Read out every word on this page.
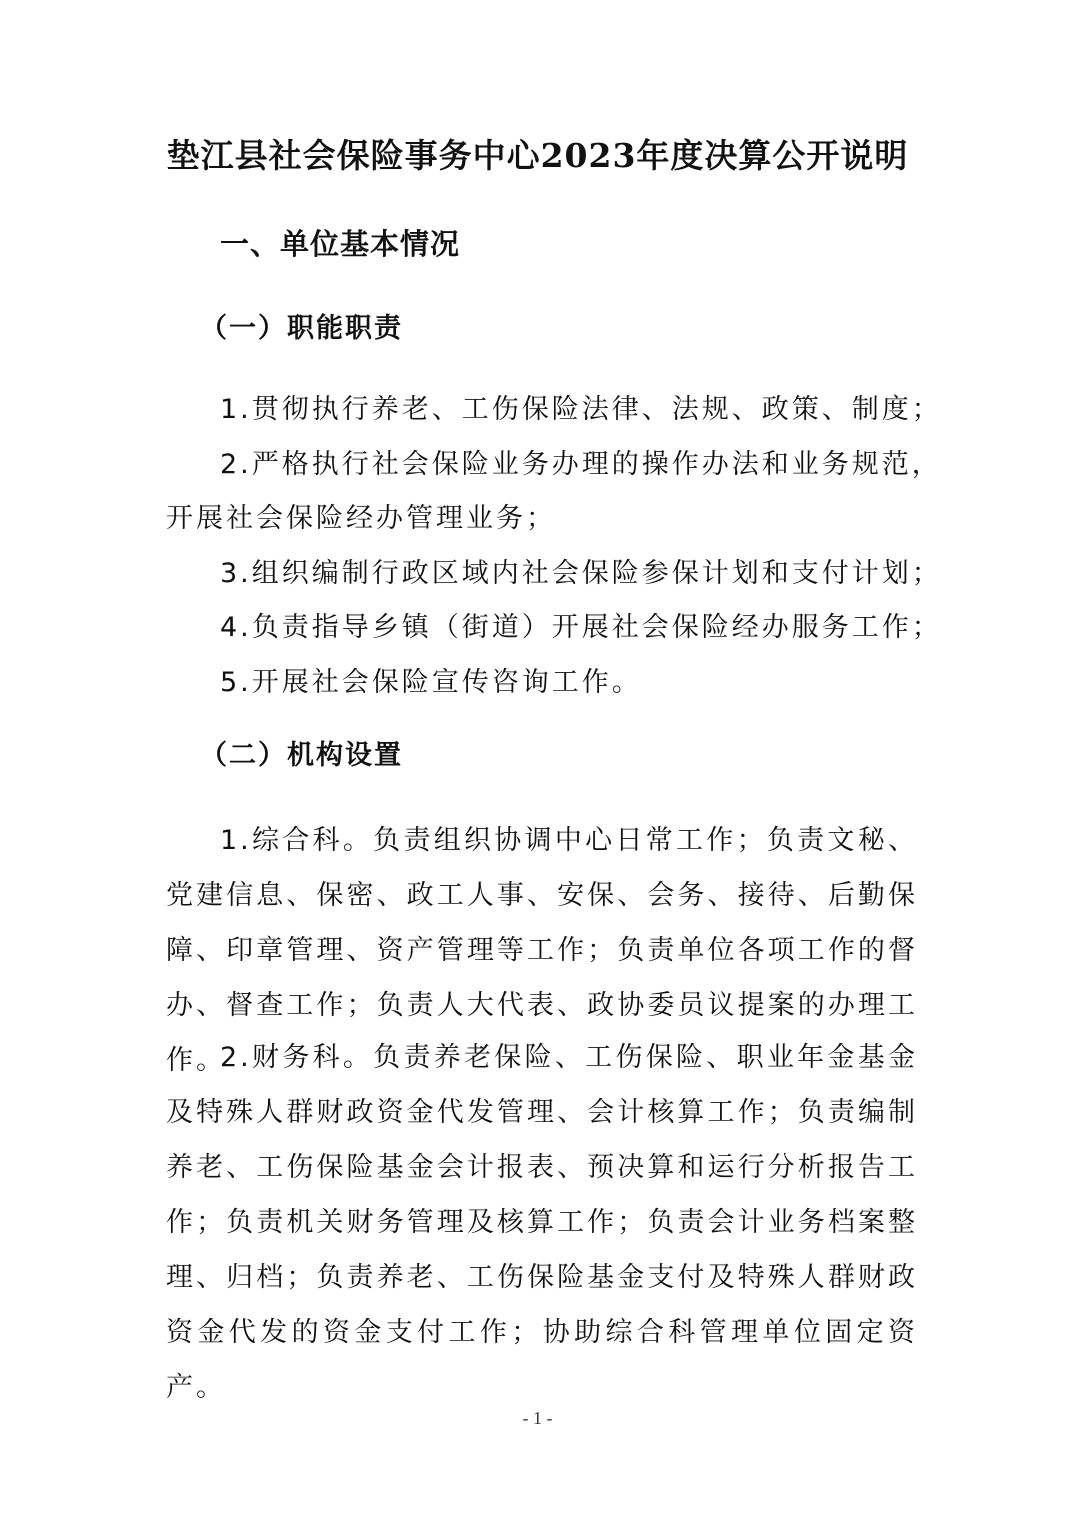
垫江县社会保险事务中心2023年度决算公开说明
一、单位基本情况
（一）职能职责
1.贯彻执行养老、工伤保险法律、法规、政策、制度；
2.严格执行社会保险业务办理的操作办法和业务规范，
开展社会保险经办管理业务；
3.组织编制行政区域内社会保险参保计划和支付计划；
4.负责指导乡镇（街道）开展社会保险经办服务工作；
5.开展社会保险宣传咨询工作。
（二）机构设置
1.综合科。负责组织协调中心日常工作；负责文秘、党建信息、保密、政工人事、安保、会务、接待、后勤保障、印章管理、资产管理等工作；负责单位各项工作的督办、督查工作；负责人大代表、政协委员议提案的办理工作。
2.财务科。负责养老保险、工伤保险、职业年金基金及特殊人群财政资金代发管理、会计核算工作；负责编制养老、工伤保险基金会计报表、预决算和运行分析报告工作；负责机关财务管理及核算工作；负责会计业务档案整理、归档；负责养老、工伤保险基金支付及特殊人群财政资金代发的资金支付工作；协助综合科管理单位固定资产。
- 1 -
